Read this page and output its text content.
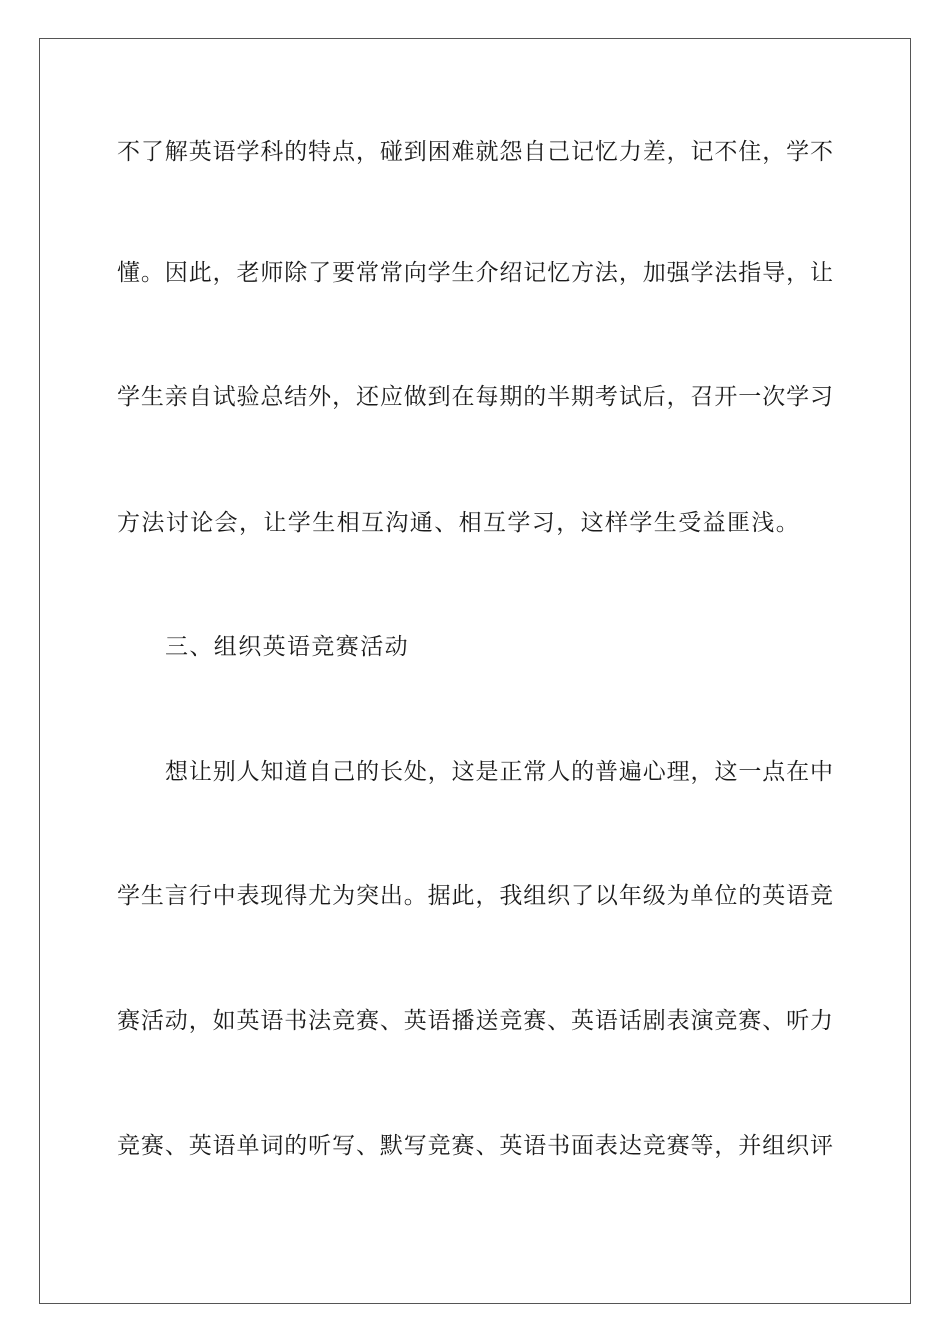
不了解英语学科的特点，碰到困难就怨自己记忆力差，记不住，学不
懂。因此，老师除了要常常向学生介绍记忆方法，加强学法指导，让
学生亲自试验总结外，还应做到在每期的半期考试后，召开一次学习
方法讨论会，让学生相互沟通、相互学习，这样学生受益匪浅。
三、组织英语竞赛活动
想让别人知道自己的长处，这是正常人的普遍心理，这一点在中
学生言行中表现得尤为突出。据此，我组织了以年级为单位的英语竞
赛活动，如英语书法竞赛、英语播送竞赛、英语话剧表演竞赛、听力
竞赛、英语单词的听写、默写竞赛、英语书面表达竞赛等，并组织评
